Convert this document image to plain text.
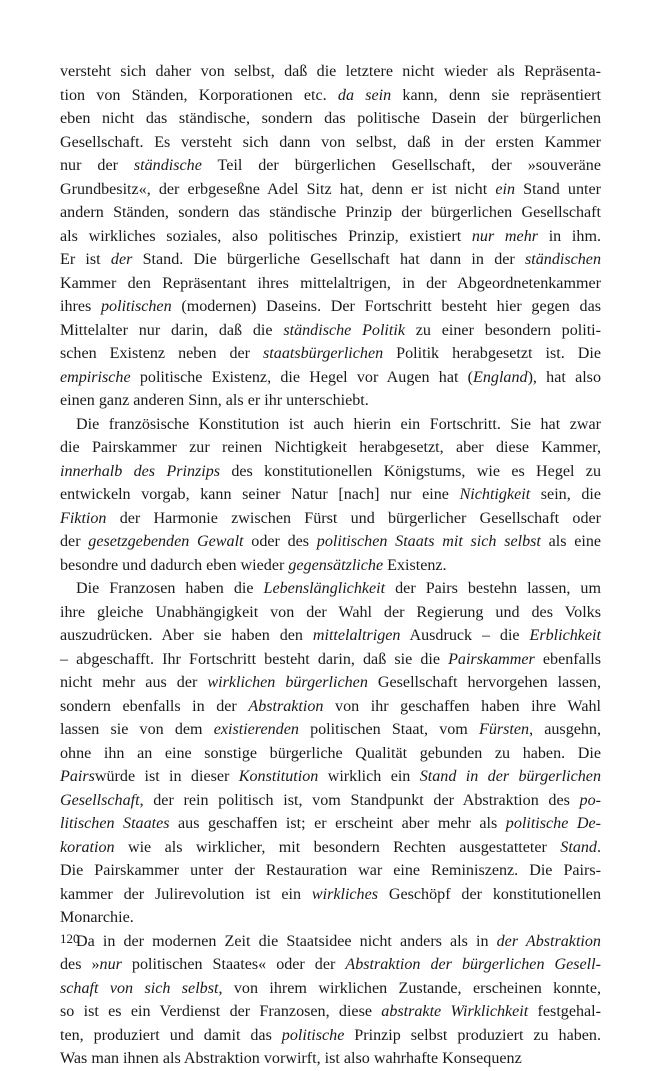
versteht sich daher von selbst, daß die letztere nicht wieder als Repräsenta-
tion von Ständen, Korporationen etc. da sein kann, denn sie repräsentiert
eben nicht das ständische, sondern das politische Dasein der bürgerlichen
Gesellschaft. Es versteht sich dann von selbst, daß in der ersten Kammer
nur der ständische Teil der bürgerlichen Gesellschaft, der »souveräne
Grundbesitz«, der erbgeseßne Adel Sitz hat, denn er ist nicht ein Stand unter
andern Ständen, sondern das ständische Prinzip der bürgerlichen Gesellschaft
als wirkliches soziales, also politisches Prinzip, existiert nur mehr in ihm.
Er ist der Stand. Die bürgerliche Gesellschaft hat dann in der ständischen
Kammer den Repräsentant ihres mittelaltrigen, in der Abgeordnetenkammer
ihres politischen (modernen) Daseins. Der Fortschritt besteht hier gegen das
Mittelalter nur darin, daß die ständische Politik zu einer besondern politi-
schen Existenz neben der staatsbürgerlichen Politik herabgesetzt ist. Die
empirische politische Existenz, die Hegel vor Augen hat (England), hat also
einen ganz anderen Sinn, als er ihr unterschiebt.
Die französische Konstitution ist auch hierin ein Fortschritt. Sie hat zwar
die Pairskammer zur reinen Nichtigkeit herabgesetzt, aber diese Kammer,
innerhalb des Prinzips des konstitutionellen Königstums, wie es Hegel zu
entwickeln vorgab, kann seiner Natur [nach] nur eine Nichtigkeit sein, die
Fiktion der Harmonie zwischen Fürst und bürgerlicher Gesellschaft oder
der gesetzgebenden Gewalt oder des politischen Staats mit sich selbst als eine
besondre und dadurch eben wieder gegensätzliche Existenz.
Die Franzosen haben die Lebenslänglichkeit der Pairs bestehn lassen, um
ihre gleiche Unabhängigkeit von der Wahl der Regierung und des Volks
auszudrücken. Aber sie haben den mittelaltrigen Ausdruck – die Erblichkeit
– abgeschafft. Ihr Fortschritt besteht darin, daß sie die Pairskammer ebenfalls
nicht mehr aus der wirklichen bürgerlichen Gesellschaft hervorgehen lassen,
sondern ebenfalls in der Abstraktion von ihr geschaffen haben ihre Wahl
lassen sie von dem existierenden politischen Staat, vom Fürsten, ausgehn,
ohne ihn an eine sonstige bürgerliche Qualität gebunden zu haben. Die
Pairswürde ist in dieser Konstitution wirklich ein Stand in der bürgerlichen
Gesellschaft, der rein politisch ist, vom Standpunkt der Abstraktion des po-
litischen Staates aus geschaffen ist; er erscheint aber mehr als politische De-
koration wie als wirklicher, mit besondern Rechten ausgestatteter Stand.
Die Pairskammer unter der Restauration war eine Reminiszenz. Die Pairs-
kammer der Julirevolution ist ein wirkliches Geschöpf der konstitutionellen
Monarchie.
Da in der modernen Zeit die Staatsidee nicht anders als in der Abstraktion
des »nur politischen Staates« oder der Abstraktion der bürgerlichen Gesell-
schaft von sich selbst, von ihrem wirklichen Zustande, erscheinen konnte,
so ist es ein Verdienst der Franzosen, diese abstrakte Wirklichkeit festgehal-
ten, produziert und damit das politische Prinzip selbst produziert zu haben.
Was man ihnen als Abstraktion vorwirft, ist also wahrhafte Konsequenz
120
